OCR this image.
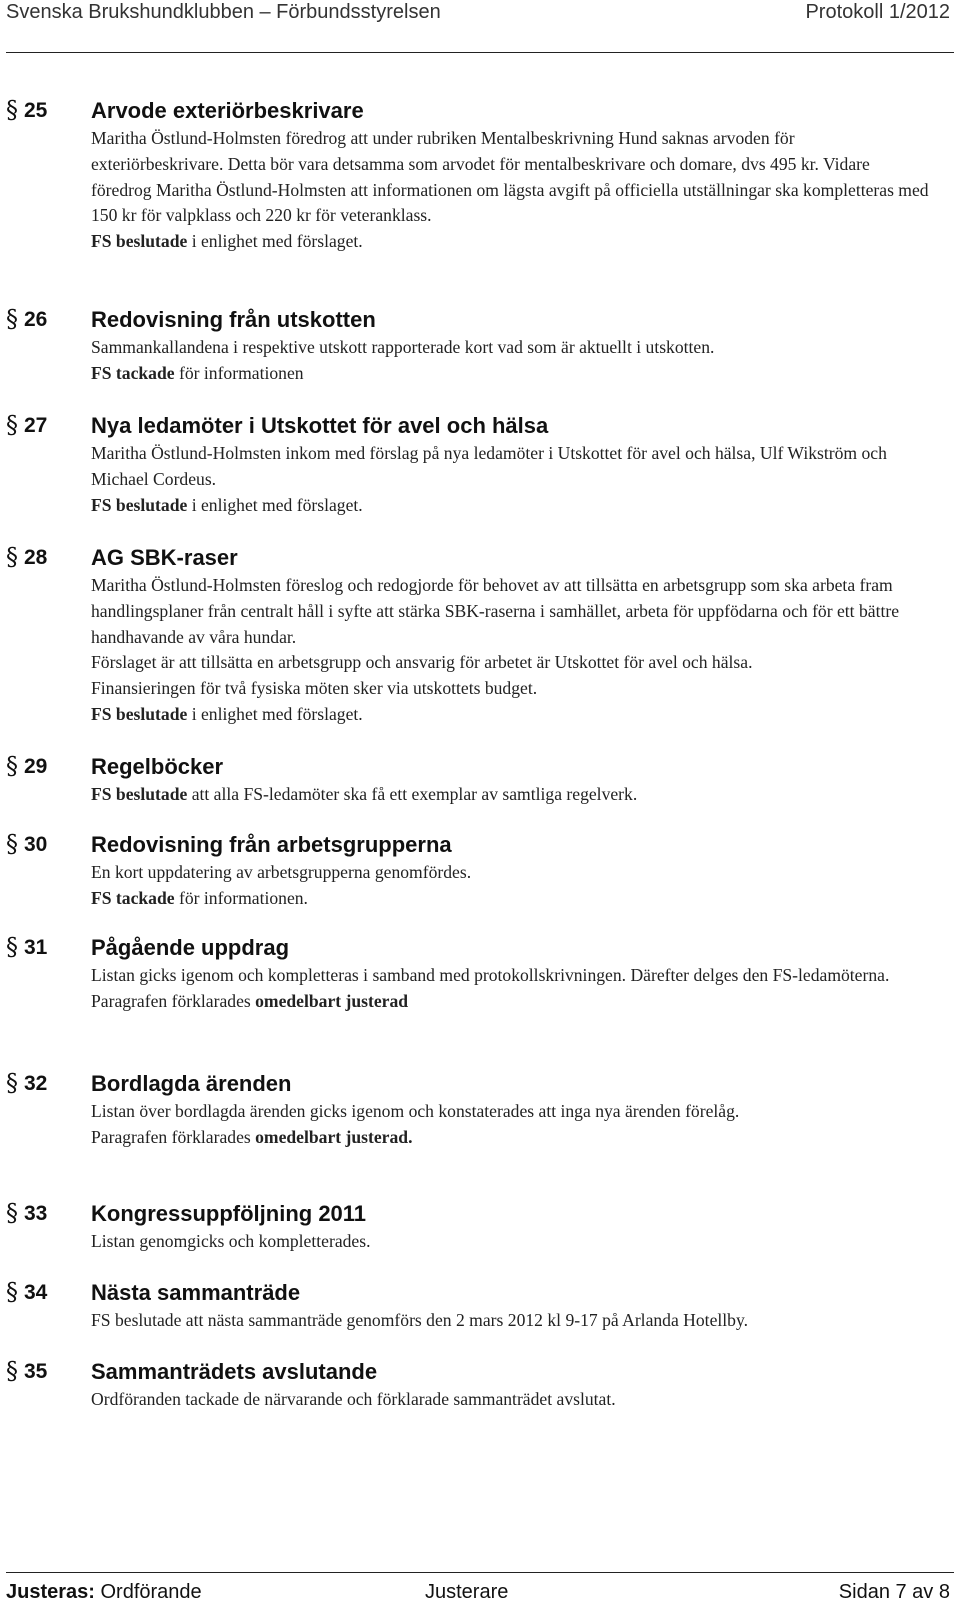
Svenska Brukshundklubben – Förbundsstyrelsen	Protokoll 1/2012
§ 25 Arvode exteriörbeskrivare

Maritha Östlund-Holmsten föredrog att under rubriken Mentalbeskrivning Hund saknas arvoden för exteriörbeskrivare. Detta bör vara detsamma som arvodet för mentalbeskrivare och domare, dvs 495 kr. Vidare föredrog Maritha Östlund-Holmsten att informationen om lägsta avgift på officiella utställningar ska kompletteras med 150 kr för valpklass och 220 kr för veteranklass.

FS beslutade i enlighet med förslaget.

§ 26 Redovisning från utskotten

Sammankallandena i respektive utskott rapporterade kort vad som är aktuellt i utskotten.

FS tackade för informationen

§ 27 Nya ledamöter i Utskottet för avel och hälsa

Maritha Östlund-Holmsten inkom med förslag på nya ledamöter i Utskottet för avel och hälsa, Ulf Wikström och Michael Cordeus.

FS beslutade i enlighet med förslaget.

§ 28 AG SBK-raser

Maritha Östlund-Holmsten föreslog och redogjorde för behovet av att tillsätta en arbetsgrupp som ska arbeta fram handlingsplaner från centralt håll i syfte att stärka SBK-raserna i samhället, arbeta för uppfödarna och för ett bättre handhavande av våra hundar.

Förslaget är att tillsätta en arbetsgrupp och ansvarig för arbetet är Utskottet för avel och hälsa.

Finansieringen för två fysiska möten sker via utskottets budget.

FS beslutade i enlighet med förslaget.

§ 29 Regelböcker

FS beslutade att alla FS-ledamöter ska få ett exemplar av samtliga regelverk.

§ 30 Redovisning från arbetsgrupperna

En kort uppdatering av arbetsgrupperna genomfördes.

FS tackade för informationen.

§ 31 Pågående uppdrag

Listan gicks igenom och kompletteras i samband med protokollskrivningen. Därefter delges den FS-ledamöterna.

Paragrafen förklarades omedelbart justerad

§ 32 Bordlagda ärenden

Listan över bordlagda ärenden gicks igenom och konstaterades att inga nya ärenden förelåg.

Paragrafen förklarades omedelbart justerad.

§ 33 Kongressuppföljning 2011

Listan genomgicks och kompletterades.

§ 34 Nästa sammanträde

FS beslutade att nästa sammanträde genomförs den 2 mars 2012 kl 9-17 på Arlanda Hotellby.

§ 35 Sammanträdets avslutande

Ordföranden tackade de närvarande och förklarade sammanträdet avslutat.

Justeras: Ordförande	Justerare	Sidan 7 av 8
